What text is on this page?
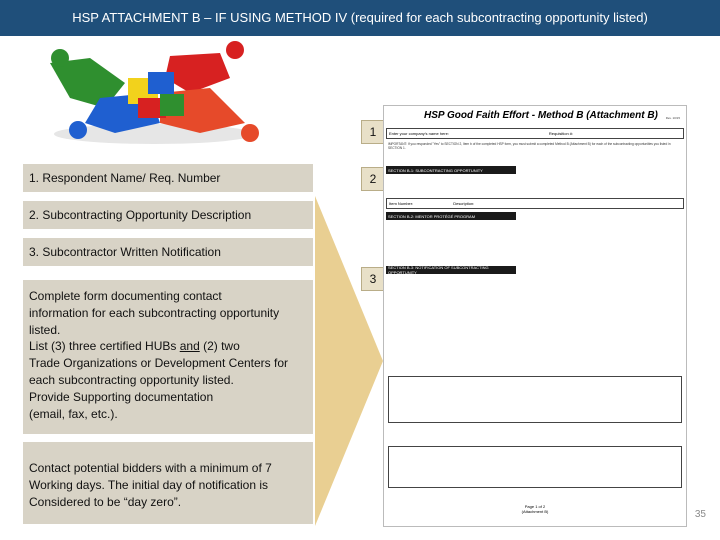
HSP ATTACHMENT B – IF USING METHOD IV (required for each subcontracting opportunity listed)
1. Respondent Name/ Req. Number
2. Subcontracting Opportunity Description
3. Subcontractor Written Notification
Complete form documenting contact
information for each subcontracting opportunity
listed.
List (3) three certified HUBs and (2) two
Trade Organizations or Development Centers for
each subcontracting opportunity listed.
Provide Supporting documentation
(email, fax, etc.).
Contact potential bidders with a minimum of 7
Working days. The initial day of notification is
Considered to be “day zero”.
1
2
3
HSP Good Faith Effort - Method B (Attachment B)	Rev. 10/15
Enter your company's name here:	Requisition #:
IMPORTANT: If you responded "Yes" to SECTION 2, Item b of the completed HSP form, you must submit a completed Method B (Attachment B) for each of the subcontracting opportunities you listed in SECTION 1.
SECTION B-1: SUBCONTRACTING OPPORTUNITY
Item Number:	Description:
SECTION B-2: MENTOR PROTÉGÉ PROGRAM
SECTION B-3: NOTIFICATION OF SUBCONTRACTING OPPORTUNITY
Page 1 of 2
(Attachment B)	35
